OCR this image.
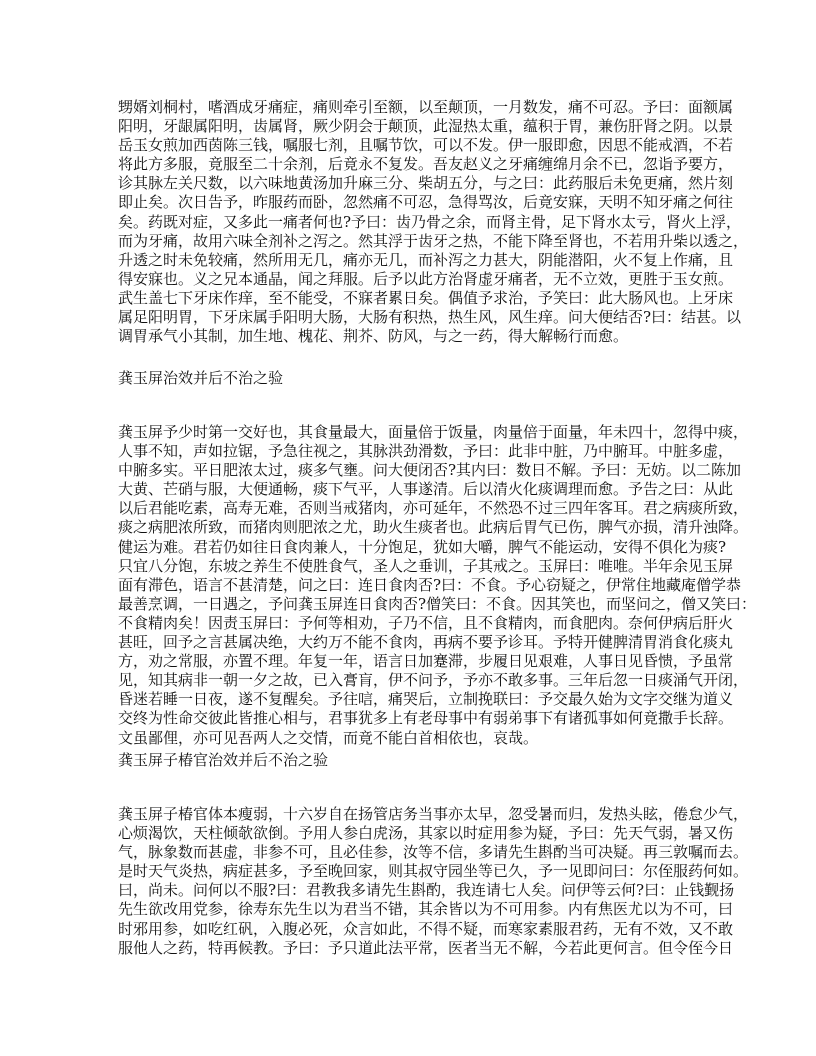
甥婿刘桐村，嗜酒成牙痛症，痛则牵引至额，以至颠顶，一月数发，痛不可忍。予曰：面额属
阳明，牙龈属阳明，齿属肾，厥少阴会于颠顶，此湿热太重，蕴积于胃，兼伤肝肾之阴。以景
岳玉女煎加西茵陈三钱，嘱服七剂，且嘱节饮，可以不发。伊一服即愈，因思不能戒酒，不若
将此方多服，竟服至二十余剂，后竟永不复发。吾友赵义之牙痛缠绵月余不已，忽诣予要方，
诊其脉左关尺数，以六味地黄汤加升麻三分、柴胡五分，与之曰：此药服后未免更痛，然片刻
即止矣。次日告予，昨服药而卧，忽然痛不可忍，急得骂汝，后竟安寐，天明不知牙痛之何往
矣。药既对症，又多此一痛者何也?予曰：齿乃骨之余，而肾主骨，足下肾水太亏，肾火上浮，
而为牙痛，故用六味全剂补之泻之。然其浮于齿牙之热，不能下降至肾也，不若用升柴以透之，
升透之时未免较痛，然所用无几，痛亦无几，而补泻之力甚大，阴能潜阳，火不复上作痛，且
得安寐也。义之兄本通晶，闻之拜服。后予以此方治肾虚牙痛者，无不立效，更胜于玉女煎。
武生盖七下牙床作痒，至不能受，不寐者累日矣。偶值予求治，予笑曰：此大肠风也。上牙床
属足阳明胃，下牙床属手阳明大肠，大肠有积热，热生风，风生痒。问大便结否?曰：结甚。以
调胃承气小其制，加生地、槐花、荆芥、防风，与之一药，得大解畅行而愈。
龚玉屏治效并后不治之验
龚玉屏予少时第一交好也，其食量最大，面量倍于饭量，肉量倍于面量，年未四十，忽得中痰，
人事不知，声如拉锯，予急往视之，其脉洪劲滑数，予曰：此非中脏，乃中腑耳。中脏多虚，
中腑多实。平日肥浓太过，痰多气壅。问大便闭否?其内曰：数日不解。予曰：无妨。以二陈加
大黄、芒硝与服，大便通畅，痰下气平，人事遂清。后以清火化痰调理而愈。予告之曰：从此
以后君能吃素，高寿无难，否则当戒猪肉，亦可延年，不然恐不过三四年客耳。君之病痰所致，
痰之病肥浓所致，而猪肉则肥浓之尤，助火生痰者也。此病后胃气已伤，脾气亦损，清升浊降。
健运为难。君若仍如往日食肉兼人，十分饱足，犹如大嚼，脾气不能运动，安得不俱化为痰?
只宜八分饱，东坡之养生不使胜食气，圣人之垂训，子其戒之。玉屏曰：唯唯。半年余见玉屏
面有滞色，语言不甚清楚，问之曰：连日食肉否?曰：不食。予心窃疑之，伊常住地藏庵僧学恭
最善烹调，一日遇之，予问龚玉屏连日食肉否?僧笑曰：不食。因其笑也，而坚问之，僧又笑曰：
不食精肉矣！因责玉屏曰：予何等相劝，子乃不信，且不食精肉，而食肥肉。奈何伊病后肝火
甚旺，回予之言甚属决绝，大约万不能不食肉，再病不要予诊耳。予特开健脾清胃消食化痰丸
方，劝之常服，亦置不理。年复一年，语言日加蹇滞，步履日见艰难，人事日见昏愦，予虽常
见，知其病非一朝一夕之故，已入膏肓，伊不问予，予亦不敢多事。三年后忽一日痰涌气开闭，
昏迷若睡一日夜，遂不复醒矣。予往唁，痛哭后，立制挽联曰：予交最久始为文字交继为道义
交终为性命交彼此皆推心相与，君事犹多上有老母事中有弱弟事下有诸孤事如何竟撒手长辞。
文虽鄙俚，亦可见吾两人之交情，而竟不能白首相依也，哀哉。
龚玉屏子椿官治效并后不治之验
龚玉屏子椿官体本瘦弱，十六岁自在扬管店务当事亦太早，忽受暑而归，发热头眩，倦怠少气，
心烦渴饮，天柱倾欹欲倒。予用人参白虎汤，其家以时症用参为疑，予曰：先天气弱，暑又伤
气，脉象数而甚虚，非参不可，且必佳参，汝等不信，多请先生斟酌当可决疑。再三敦嘱而去。
是时天气炎热，病症甚多，予至晚回家，则其叔守园坐等已久，予一见即问曰：尔侄服药何如。
曰，尚未。问何以不服?曰：君教我多请先生斟酌，我连请七人矣。问伊等云何?曰：止钱觐扬
先生欲改用党参，徐寿东先生以为君当不错，其余皆以为不可用参。内有焦医尤以为不可，曰
时邪用参，如吃红矾，入腹必死，众言如此，不得不疑，而寒家素服君药，无有不效，又不敢
服他人之药，特再候教。予曰：予只道此法平常，医者当无不解，今若此更何言。但令侄今日
